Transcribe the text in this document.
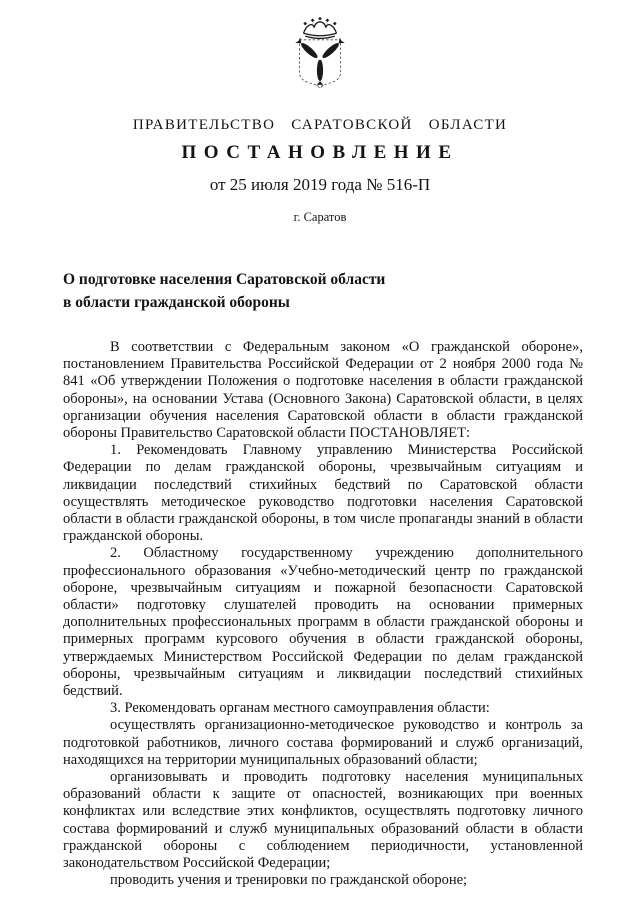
ПРАВИТЕЛЬСТВО САРАТОВСКОЙ ОБЛАСТИ
ПОСТАНОВЛЕНИЕ
от 25 июля 2019 года № 516-П
г. Саратов
О подготовке населения Саратовской области
в области гражданской обороны

В соответствии с Федеральным законом «О гражданской обороне», постановлением Правительства Российской Федерации от 2 ноября 2000 года № 841 «Об утверждении Положения о подготовке населения в области гражданской обороны», на основании Устава (Основного Закона) Саратовской области, в целях организации обучения населения Саратовской области в области гражданской обороны Правительство Саратовской области ПОСТАНОВЛЯЕТ:

1. Рекомендовать Главному управлению Министерства Российской Федерации по делам гражданской обороны, чрезвычайным ситуациям и ликвидации последствий стихийных бедствий по Саратовской области осуществлять методическое руководство подготовки населения Саратовской области в области гражданской обороны, в том числе пропаганды знаний в области гражданской обороны.

2. Областному государственному учреждению дополнительного профессионального образования «Учебно-методический центр по гражданской обороне, чрезвычайным ситуациям и пожарной безопасности Саратовской области» подготовку слушателей проводить на основании примерных дополнительных профессиональных программ в области гражданской обороны и примерных программ курсового обучения в области гражданской обороны, утверждаемых Министерством Российской Федерации по делам гражданской обороны, чрезвычайным ситуациям и ликвидации последствий стихийных бедствий.

3. Рекомендовать органам местного самоуправления области:

осуществлять организационно-методическое руководство и контроль за подготовкой работников, личного состава формирований и служб организаций, находящихся на территории муниципальных образований области;

организовывать и проводить подготовку населения муниципальных образований области к защите от опасностей, возникающих при военных конфликтах или вследствие этих конфликтов, осуществлять подготовку личного состава формирований и служб муниципальных образований области в области гражданской обороны с соблюдением периодичности, установленной законодательством Российской Федерации;

проводить учения и тренировки по гражданской обороне;
